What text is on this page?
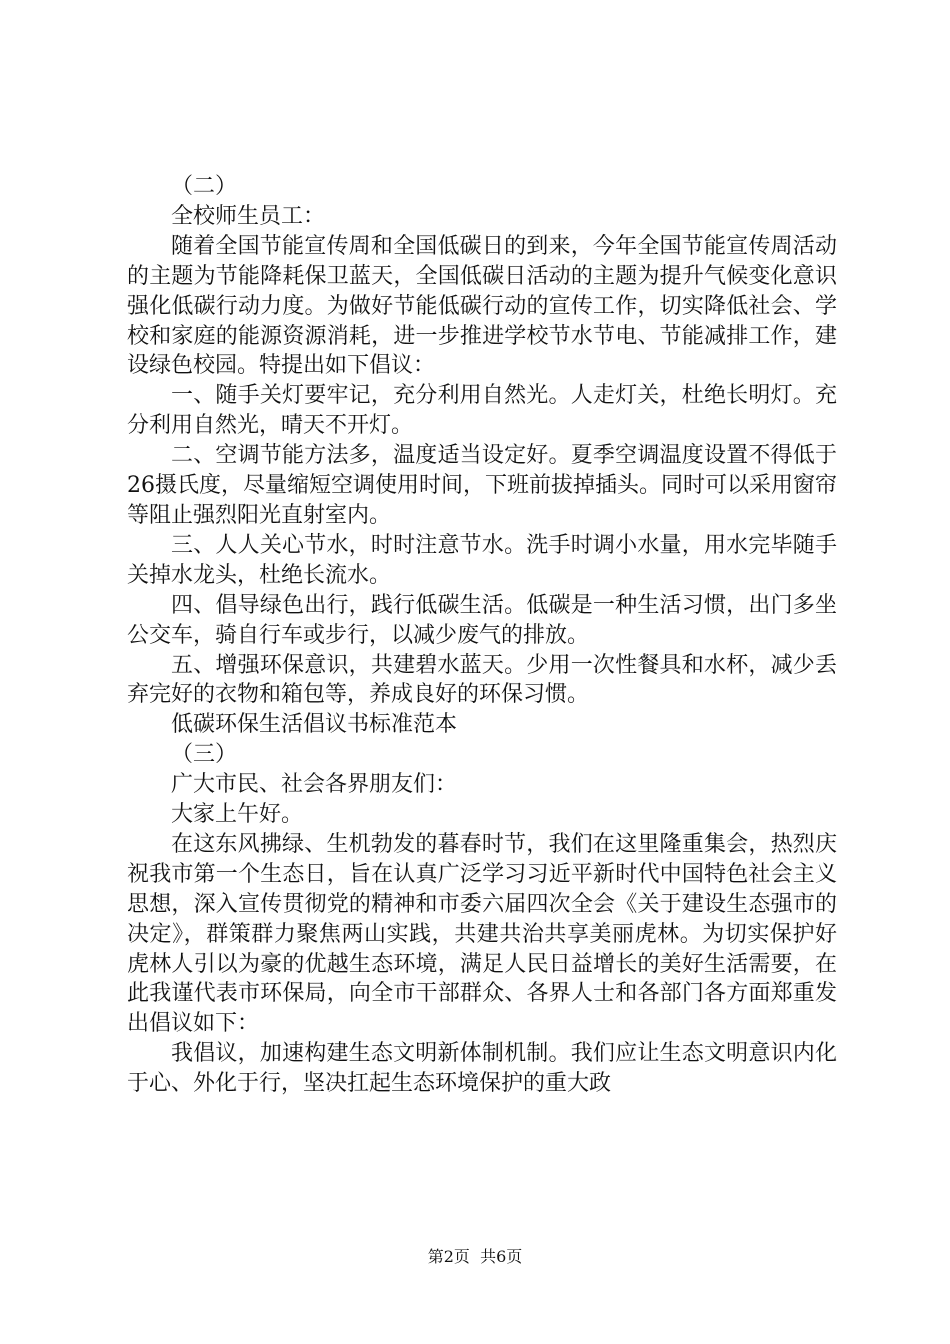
（二）

全校师生员工：

随着全国节能宣传周和全国低碳日的到来，今年全国节能宣传周活动的主题为节能降耗保卫蓝天，全国低碳日活动的主题为提升气候变化意识强化低碳行动力度。为做好节能低碳行动的宣传工作，切实降低社会、学校和家庭的能源资源消耗，进一步推进学校节水节电、节能减排工作，建设绿色校园。特提出如下倡议：

一、随手关灯要牢记，充分利用自然光。人走灯关，杜绝长明灯。充分利用自然光，晴天不开灯。

二、空调节能方法多，温度适当设定好。夏季空调温度设置不得低于26摄氏度，尽量缩短空调使用时间，下班前拔掉插头。同时可以采用窗帘等阻止强烈阳光直射室内。

三、人人关心节水，时时注意节水。洗手时调小水量，用水完毕随手关掉水龙头，杜绝长流水。

四、倡导绿色出行，践行低碳生活。低碳是一种生活习惯，出门多坐公交车，骑自行车或步行，以减少废气的排放。

五、增强环保意识，共建碧水蓝天。少用一次性餐具和水杯，减少丢弃完好的衣物和箱包等，养成良好的环保习惯。

低碳环保生活倡议书标准范本

（三）

广大市民、社会各界朋友们：

大家上午好。

在这东风拂绿、生机勃发的暮春时节，我们在这里隆重集会，热烈庆祝我市第一个生态日，旨在认真广泛学习习近平新时代中国特色社会主义思想，深入宣传贯彻党的精神和市委六届四次全会《关于建设生态强市的决定》，群策群力聚焦两山实践，共建共治共享美丽虎林。为切实保护好虎林人引以为豪的优越生态环境，满足人民日益增长的美好生活需要，在此我谨代表市环保局，向全市干部群众、各界人士和各部门各方面郑重发出倡议如下：

我倡议，加速构建生态文明新体制机制。我们应让生态文明意识内化于心、外化于行，坚决扛起生态环境保护的重大政

第2页  共6页
